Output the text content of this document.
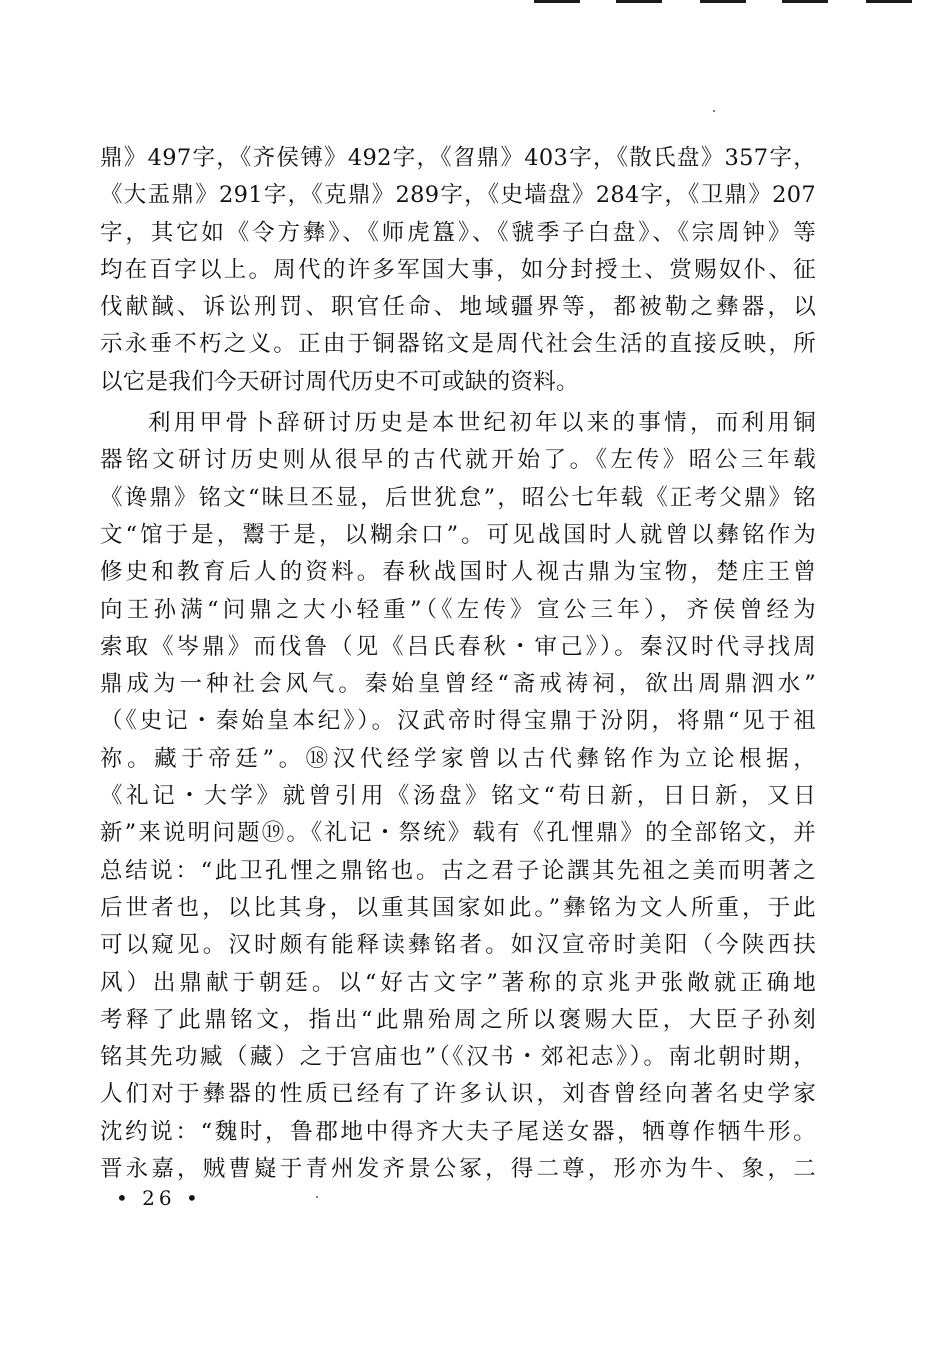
鼎》497字，《齐侯镈》492字，《曶鼎》403字，《散氏盘》357字，
《大盂鼎》291字，《克鼎》289字，《史墙盘》284字，《卫鼎》207
字，其它如《令方彝》、《师虎簋》、《虢季子白盘》、《宗周钟》等
均在百字以上。周代的许多军国大事，如分封授土、赏赐奴仆、征
伐献馘、诉讼刑罚、职官任命、地域疆界等，都被勒之彝器，以
示永垂不朽之义。正由于铜器铭文是周代社会生活的直接反映，所
以它是我们今天研讨周代历史不可或缺的资料。
利用甲骨卜辞研讨历史是本世纪初年以来的事情，而利用铜
器铭文研讨历史则从很早的古代就开始了。《左传》昭公三年载
《谗鼎》铭文“昧旦丕显，后世犹怠”，昭公七年载《正考父鼎》铭
文“馆于是，鬻于是，以糊余口”。可见战国时人就曾以彝铭作为
修史和教育后人的资料。春秋战国时人视古鼎为宝物，楚庄王曾
向王孙满“问鼎之大小轻重”（《左传》宣公三年），齐侯曾经为
索取《岑鼎》而伐鲁（见《吕氏春秋・审己》）。秦汉时代寻找周
鼎成为一种社会风气。秦始皇曾经“斋戒祷祠，欲出周鼎泗水”
（《史记・秦始皇本纪》）。汉武帝时得宝鼎于汾阴，将鼎“见于祖
祢。藏于帝廷”。⑱汉代经学家曾以古代彝铭作为立论根据，
《礼记・大学》就曾引用《汤盘》铭文“苟日新，日日新，又日
新”来说明问题⑲。《礼记・祭统》载有《孔悝鼎》的全部铭文，并
总结说：“此卫孔悝之鼎铭也。古之君子论譔其先祖之美而明著之
后世者也，以比其身，以重其国家如此。”彝铭为文人所重，于此
可以窥见。汉时颇有能释读彝铭者。如汉宣帝时美阳（今陕西扶
风）出鼎献于朝廷。以“好古文字”著称的京兆尹张敞就正确地
考释了此鼎铭文，指出“此鼎殆周之所以褒赐大臣，大臣子孙刻
铭其先功臧（藏）之于宫庙也”（《汉书・郊祀志》）。南北朝时期，
人们对于彝器的性质已经有了许多认识，刘杳曾经向著名史学家
沈约说：“魏时，鲁郡地中得齐大夫子尾送女器，牺尊作牺牛形。
晋永嘉，贼曹嶷于青州发齐景公冢，得二尊，形亦为牛、象，二
• 26 •
